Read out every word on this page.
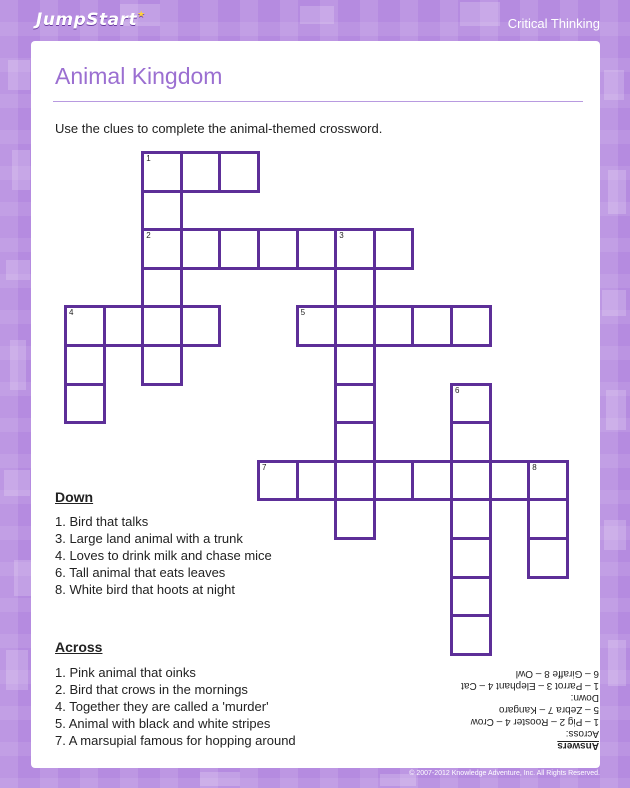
JumpStart★
Critical Thinking
Animal Kingdom
Use the clues to complete the animal-themed crossword.
1
2	3
4	5
6
7	8
Down
1. Bird that talks
3. Large land animal with a trunk
4. Loves to drink milk and chase mice
6. Tall animal that eats leaves
8. White bird that hoots at night
Across
1. Pink animal that oinks
2. Bird that crows in the mornings
4. Together they are called a 'murder'
5. Animal with black and white stripes
7. A marsupial famous for hopping around	Answers
Across:
1 – Pig 2 – Rooster 4 – Crow
5 – Zebra 7 – Kangaro
Down:
1 – Parrot 3 – Elephant 4 – Cat
6 – Giraffe 8 – Owl
© 2007-2012 Knowledge Adventure, Inc. All Rights Reserved.
